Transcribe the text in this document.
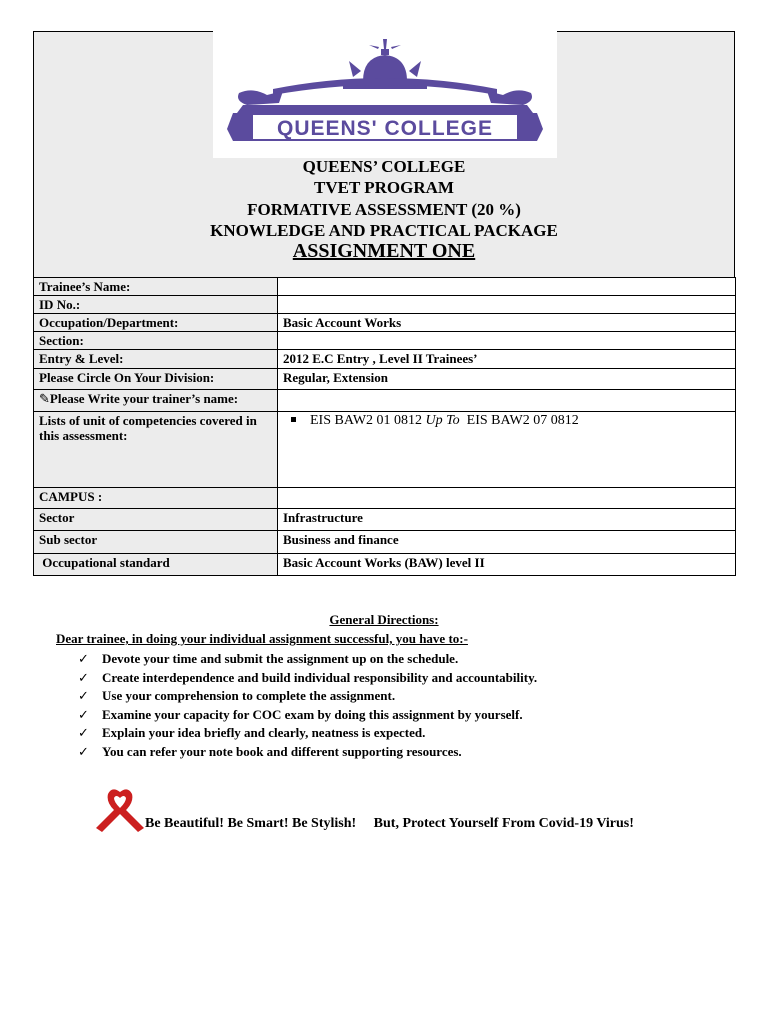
QUEENS' COLLEGE
QUEENS’ COLLEGE
TVET PROGRAM
FORMATIVE ASSESSMENT (20 %)
KNOWLEDGE AND PRACTICAL PACKAGE
ASSIGNMENT ONE
Trainee’s Name:	
ID No.:	
Occupation/Department:	Basic Account Works
Section:	
Entry & Level:	2012 E.C Entry , Level II Trainees’
Please Circle On Your Division:	Regular, Extension
✎Please Write your trainer’s name:	
Lists of unit of competencies covered in this assessment:	EIS BAW2 01 0812 Up To  EIS BAW2 07 0812
CAMPUS :	
Sector	Infrastructure
Sub sector	Business and finance
Occupational standard	Basic Account Works (BAW) level II
General Directions:
Dear trainee, in doing your individual assignment successful, you have to:-
✓ Devote your time and submit the assignment up on the schedule.
✓ Create interdependence and build individual responsibility and accountability.
✓ Use your comprehension to complete the assignment.
✓ Examine your capacity for COC exam by doing this assignment by yourself.
✓ Explain your idea briefly and clearly, neatness is expected.
✓ You can refer your note book and different supporting resources.
Be Beautiful! Be Smart! Be Stylish!     But, Protect Yourself From Covid-19 Virus!
